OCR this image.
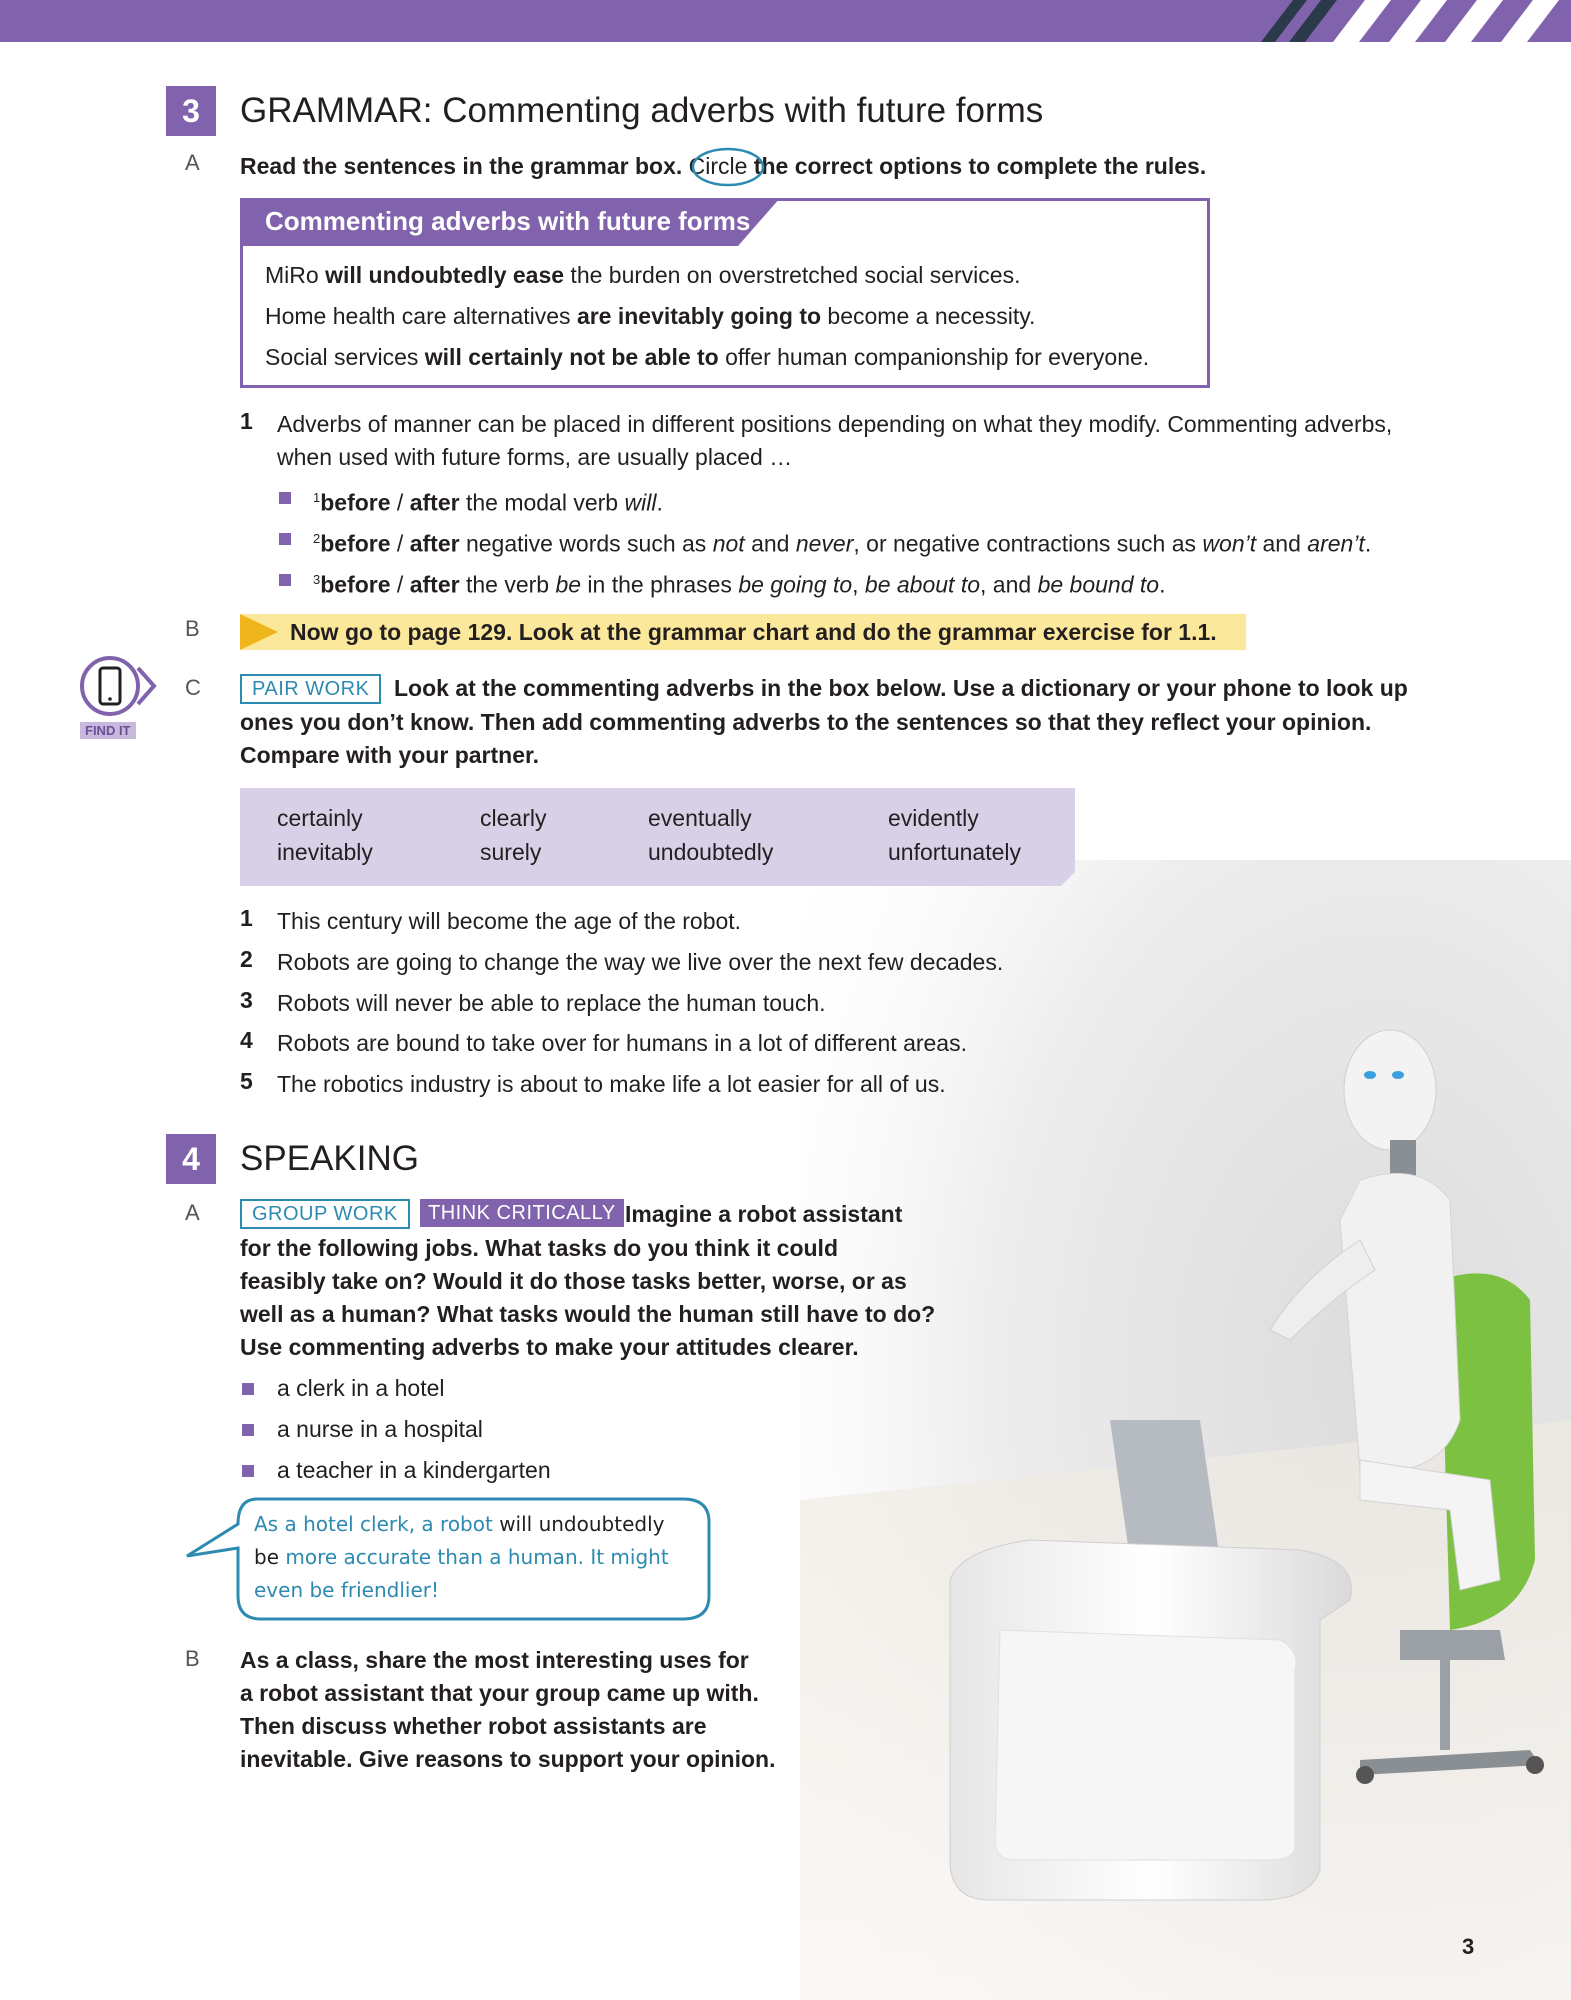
3	GRAMMAR: Commenting adverbs with future forms
A	Read the sentences in the grammar box. Circle the correct options to complete the rules.
Commenting adverbs with future forms
MiRo will undoubtedly ease the burden on overstretched social services.
Home health care alternatives are inevitably going to become a necessity.
Social services will certainly not be able to offer human companionship for everyone.
1	Adverbs of manner can be placed in different positions depending on what they modify. Commenting adverbs,
when used with future forms, are usually placed …
$^1$before / after the modal verb will.
$^2$before / after negative words such as not and never, or negative contractions such as won’t and aren’t.
$^3$before / after the verb be in the phrases be going to, be about to, and be bound to.
B	Now go to page 129. Look at the grammar chart and do the grammar exercise for 1.1.
FIND IT
C	PAIR WORK	Look at the commenting adverbs in the box below. Use a dictionary or your phone to look up
ones you don’t know. Then add commenting adverbs to the sentences so that they reflect your opinion.
Compare with your partner.
certainly	clearly	eventually	evidently
inevitably	surely	undoubtedly	unfortunately
1	This century will become the age of the robot.
2	Robots are going to change the way we live over the next few decades.
3	Robots will never be able to replace the human touch.
4	Robots are bound to take over for humans in a lot of different areas.
5	The robotics industry is about to make life a lot easier for all of us.
4	SPEAKING
A	GROUP WORK	THINK CRITICALLY Imagine a robot assistant
for the following jobs. What tasks do you think it could
feasibly take on? Would it do those tasks better, worse, or as
well as a human? What tasks would the human still have to do?
Use commenting adverbs to make your attitudes clearer.
a clerk in a hotel
a nurse in a hospital
a teacher in a kindergarten
As a hotel clerk, a robot will undoubtedly
be more accurate than a human. It might
even be friendlier!
B	As a class, share the most interesting uses for
a robot assistant that your group came up with.
Then discuss whether robot assistants are
inevitable. Give reasons to support your opinion.
3
